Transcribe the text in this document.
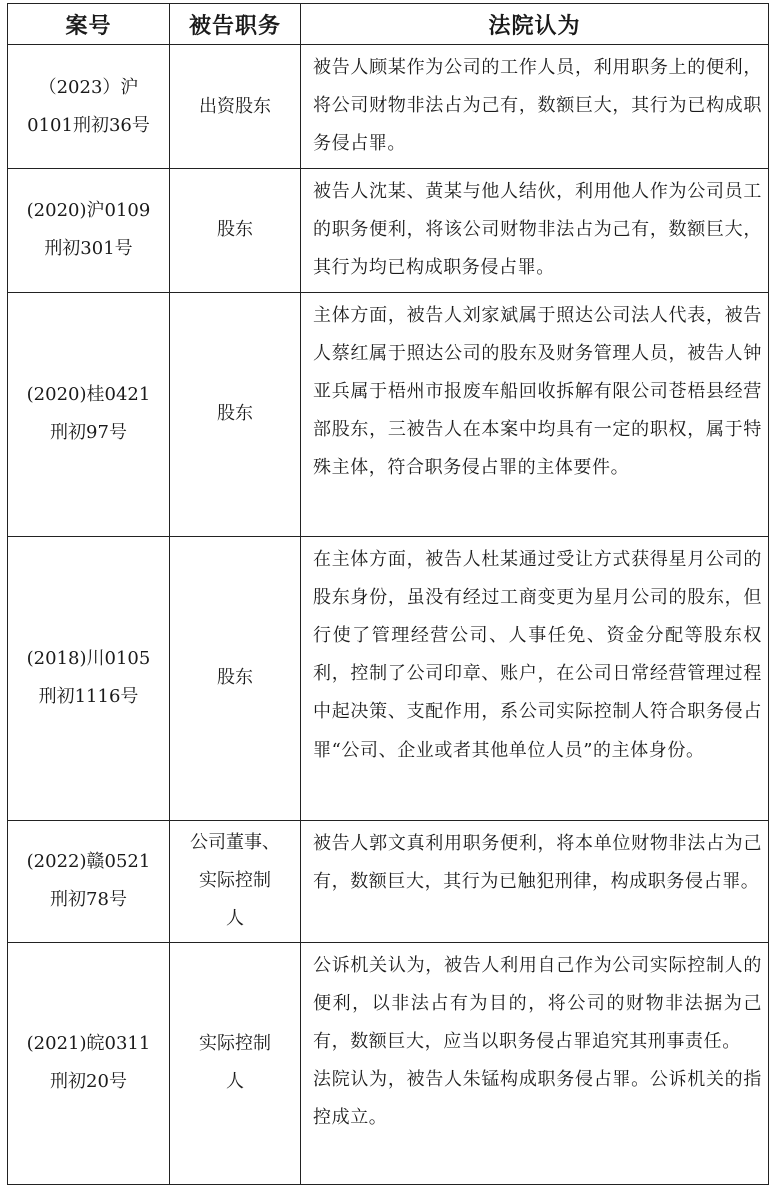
案号	被告职务	法院认为

（2023）沪
0101刑初36号	出资股东	被告人顾某作为公司的工作人员，利用职务上的便利，将公司财物非法占为己有，数额巨大，其行为已构成职务侵占罪。

(2020)沪0109
刑初301号	股东	被告人沈某、黄某与他人结伙，利用他人作为公司员工的职务便利，将该公司财物非法占为己有，数额巨大，其行为均已构成职务侵占罪。

(2020)桂0421
刑初97号	股东	主体方面，被告人刘家斌属于照达公司法人代表，被告人蔡红属于照达公司的股东及财务管理人员，被告人钟亚兵属于梧州市报废车船回收拆解有限公司苍梧县经营部股东，三被告人在本案中均具有一定的职权，属于特殊主体，符合职务侵占罪的主体要件。

(2018)川0105
刑初1116号	股东	在主体方面，被告人杜某通过受让方式获得星月公司的股东身份，虽没有经过工商变更为星月公司的股东，但行使了管理经营公司、人事任免、资金分配等股东权利，控制了公司印章、账户，在公司日常经营管理过程中起决策、支配作用，系公司实际控制人符合职务侵占罪“公司、企业或者其他单位人员”的主体身份。

(2022)赣0521
刑初78号	公司董事、
实际控制
人	被告人郭文真利用职务便利，将本单位财物非法占为己有，数额巨大，其行为已触犯刑律，构成职务侵占罪。

(2021)皖0311
刑初20号	实际控制
人	公诉机关认为，被告人利用自己作为公司实际控制人的便利，以非法占有为目的，将公司的财物非法据为己有，数额巨大，应当以职务侵占罪追究其刑事责任。
法院认为，被告人朱锰构成职务侵占罪。公诉机关的指控成立。
